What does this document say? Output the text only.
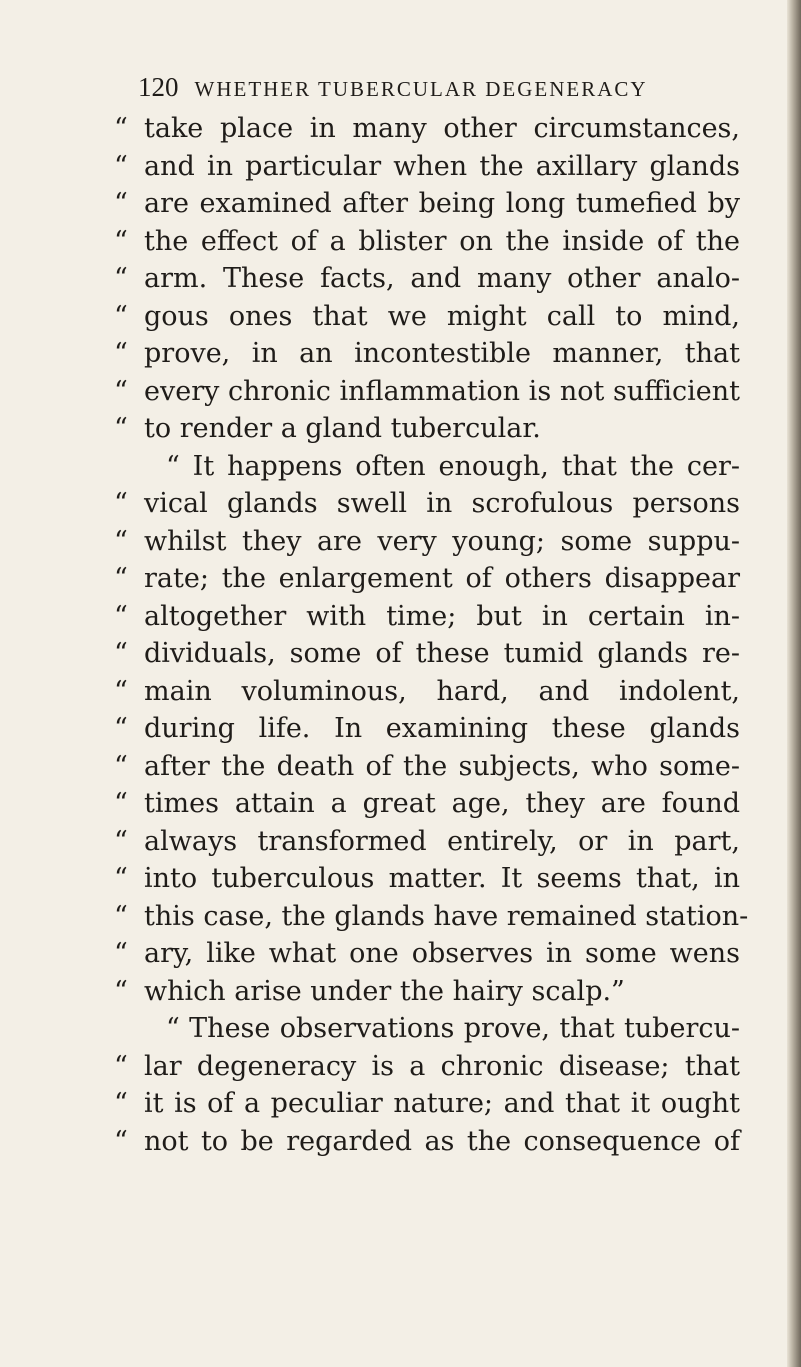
120 WHETHER TUBERCULAR DEGENERACY
“ take place in many other circumstances,
“ and in particular when the axillary glands
“ are examined after being long tumefied by
“ the effect of a blister on the inside of the
“ arm. These facts, and many other analo-
“ gous ones that we might call to mind,
“ prove, in an incontestible manner, that
“ every chronic inflammation is not sufficient
“ to render a gland tubercular.
“ It happens often enough, that the cer-
“ vical glands swell in scrofulous persons
“ whilst they are very young; some suppu-
“ rate; the enlargement of others disappear
“ altogether with time; but in certain in-
“ dividuals, some of these tumid glands re-
“ main voluminous, hard, and indolent,
“ during life. In examining these glands
“ after the death of the subjects, who some-
“ times attain a great age, they are found
“ always transformed entirely, or in part,
“ into tuberculous matter. It seems that, in
“ this case, the glands have remained station-
“ ary, like what one observes in some wens
“ which arise under the hairy scalp.”
“ These observations prove, that tubercu-
“ lar degeneracy is a chronic disease; that
“ it is of a peculiar nature; and that it ought
“ not to be regarded as the consequence of
